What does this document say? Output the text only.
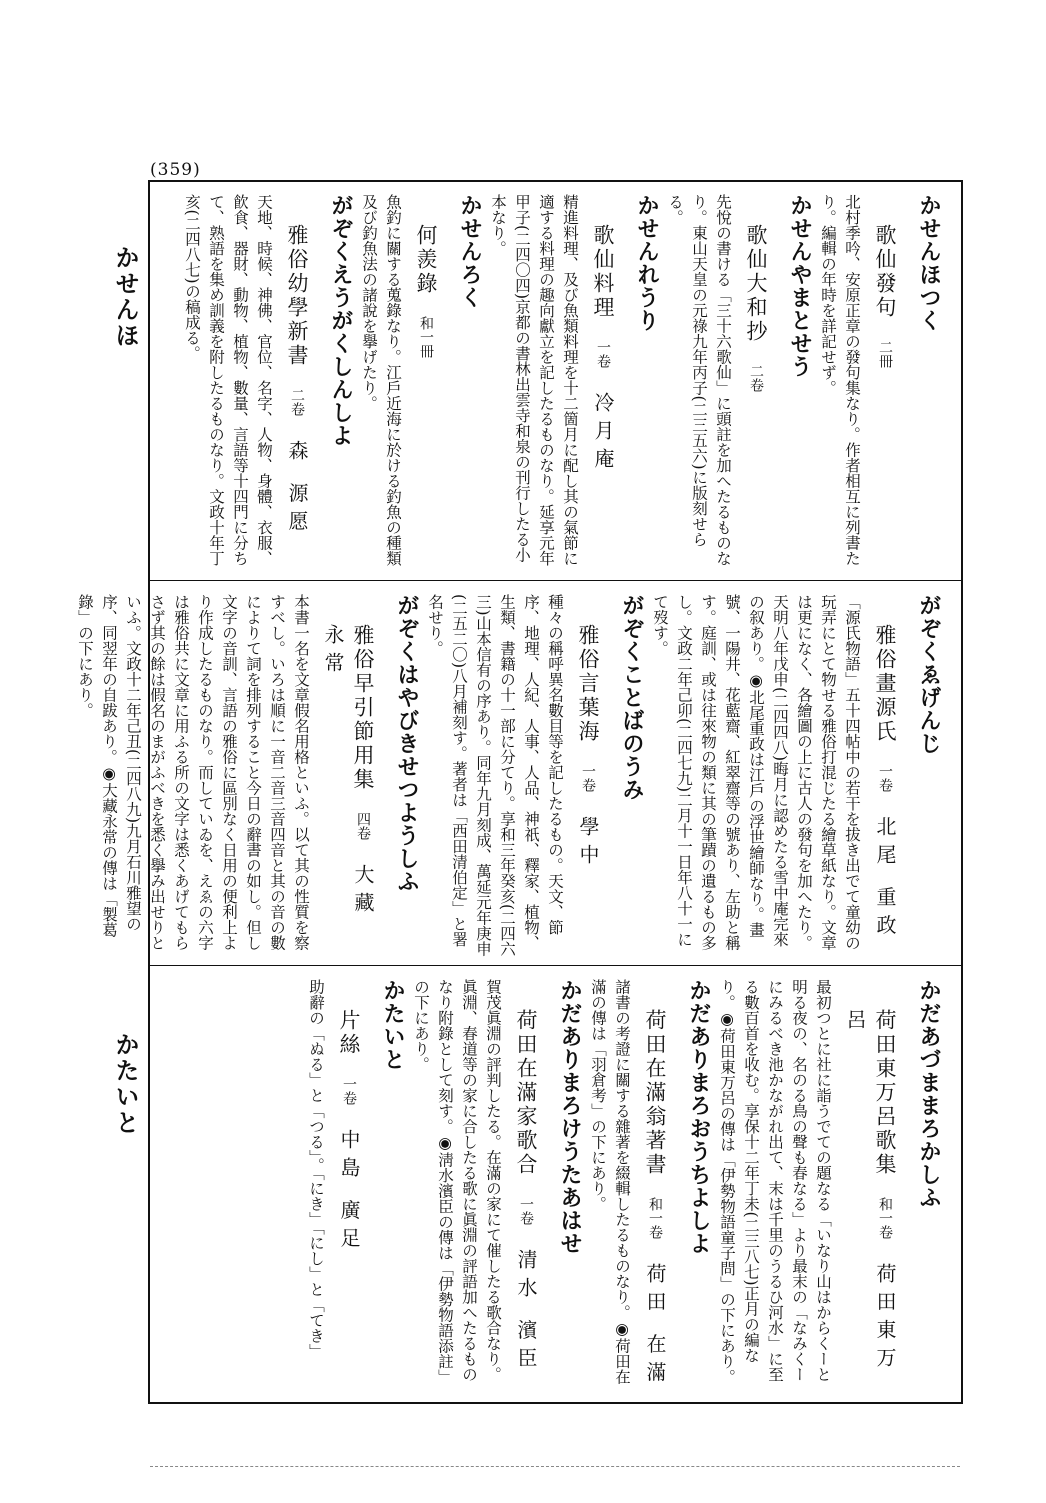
(359)
かせんほ
かたいと
かせんほつく
歌仙發句二冊
北村季吟、安原正章の發句集なり。作者相互に列書たり。編輯の年時を詳記せず。
かせんやまとせう
歌仙大和抄二卷
先悅の書ける「三十六歌仙」に頭註を加へたるものなり。東山天皇の元祿九年丙子(二三五六)に版刻せらる。
かせんれうり
歌仙料理一卷冷月庵
精進料理、及び魚類料理を十二箇月に配し其の氣節に適する料理の趣向獻立を記したるものなり。延享元年甲子(二四〇四)京都の書林出雲寺和泉の刊行したる小本なり。
かせんろく
何羨錄和一冊
魚釣に關する蒐錄なり。江戶近海に於ける釣魚の種類及び釣魚法の諸說を擧げたり。
がぞくえうがくしんしよ
雅俗幼學新書二卷森 源愿
天地、時候、神佛、官位、名字、人物、身體、衣服、飮食、器財、動物、植物、數量、言語等十四門に分ちて、熟語を集め訓義を附したるものなり。文政十年丁亥(二四八七)の稿成る。
がぞくゑげんじ
雅俗畫源氏一卷北尾 重政
「源氏物語」五十四帖中の若干を拔き出でて童幼の玩弄にとて物せる雅俗打混じたる繪草紙なり。文章は更になく、各繪圖の上に古人の發句を加へたり。天明八年戊申(二四四八)晦月に認めたる雪中庵完來の叙あり。◉北尾重政は江戶の浮世繪師なり。畫號、一陽井、花藍齋、紅翠齋等の號あり、左助と稱す。庭訓、或は往來物の類に其の筆蹟の遺るもの多し。文政二年己卯(二四七九)二月十一日年八十一にて歿す。
がぞくことばのうみ
雅俗言葉海一卷學中
種々の稱呼異名數目等を記したるもの。天文、節序、地理、人紀、人事、人品、神祇、釋家、植物、生類、書籍の十一部に分てり。享和三年癸亥(二四六三)山本信有の序あり。同年九月刻成、萬延元年庚申(二五二〇)八月補刻す。著者は「西田清伯定」と署名せり。
がぞくはやびきせつようしふ
雅俗早引節用集四卷大藏 永常
本書一名を文章假名用格といふ。以て其の性質を察すべし。いろは順に一音二音三音四音と其の音の數によりて詞を排列すること今日の辭書の如し。但し文字の音訓、言語の雅俗に區別なく日用の便利上より作成したるものなり。而していゐを、えゑの六字は雅俗共に文章に用ふる所の文字は悉くあげてもらさず其の餘は假名のまがふべきを悉く擧み出せりといふ。文政十二年己丑(二四八九)九月石川雅望の序、同翌年の自跋あり。◉大藏永常の傳は「製葛錄」の下にあり。
かだあづままろかしふ
荷田東万呂歌集和一卷荷田東万呂
最初つとに社に詣うでての題なる「いなり山はからくーと明る夜の、名のる鳥の聲も春なる」より最末の「なみくーにみるべき池かながれ出て、末は千里のうるひ河水」に至る數百首を收む。享保十二年丁未(二三八七)正月の編なり。◉荷田東万呂の傳は「伊勢物語童子問」の下にあり。
かだありまろおうちよしよ
荷田在滿翁著書和一卷荷田 在滿
諸書の考證に關する雜著を綴輯したるものなり。◉荷田在滿の傳は「羽倉考」の下にあり。
かだありまろけうたあはせ
荷田在滿家歌合一卷清水 濱臣
賀茂眞淵の評判したる。在滿の家にて催したる歌合なり。眞淵、春道等の家に合したる歌に眞淵の評語加へたるものなり附錄として刻す。◉淸水濱臣の傳は「伊勢物語添註」の下にあり。
かたいと
片絲一卷中島 廣足
助辭の「ぬる」と「つる」。「にき」「にし」と「てき」
